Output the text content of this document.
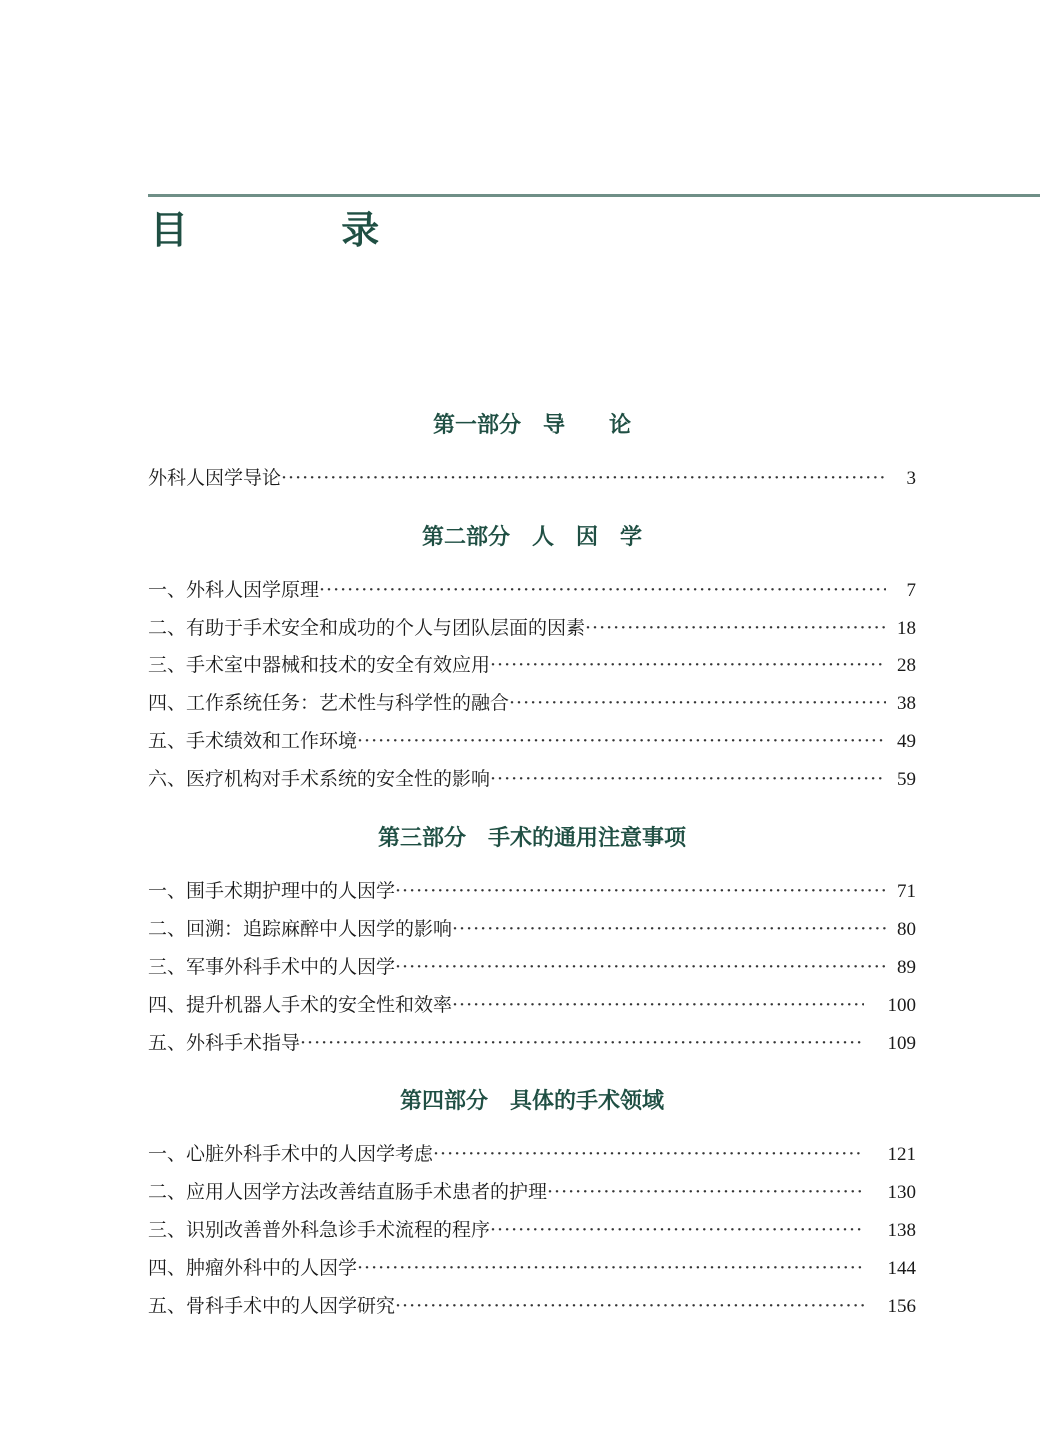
目 录
第一部分　导　　论
外科人因学导论 ·····	3
第二部分　人　因　学
一、外科人因学原理 ·····	7
二、有助于手术安全和成功的个人与团队层面的因素 ·····	18
三、手术室中器械和技术的安全有效应用 ·····	28
四、工作系统任务：艺术性与科学性的融合 ·····	38
五、手术绩效和工作环境 ·····	49
六、医疗机构对手术系统的安全性的影响 ·····	59
第三部分　手术的通用注意事项
一、围手术期护理中的人因学 ·····	71
二、回溯：追踪麻醉中人因学的影响 ·····	80
三、军事外科手术中的人因学 ·····	89
四、提升机器人手术的安全性和效率 ·····	100
五、外科手术指导 ·····	109
第四部分　具体的手术领域
一、心脏外科手术中的人因学考虑 ·····	121
二、应用人因学方法改善结直肠手术患者的护理 ·····	130
三、识别改善普外科急诊手术流程的程序 ·····	138
四、肿瘤外科中的人因学 ·····	144
五、骨科手术中的人因学研究 ·····	156
